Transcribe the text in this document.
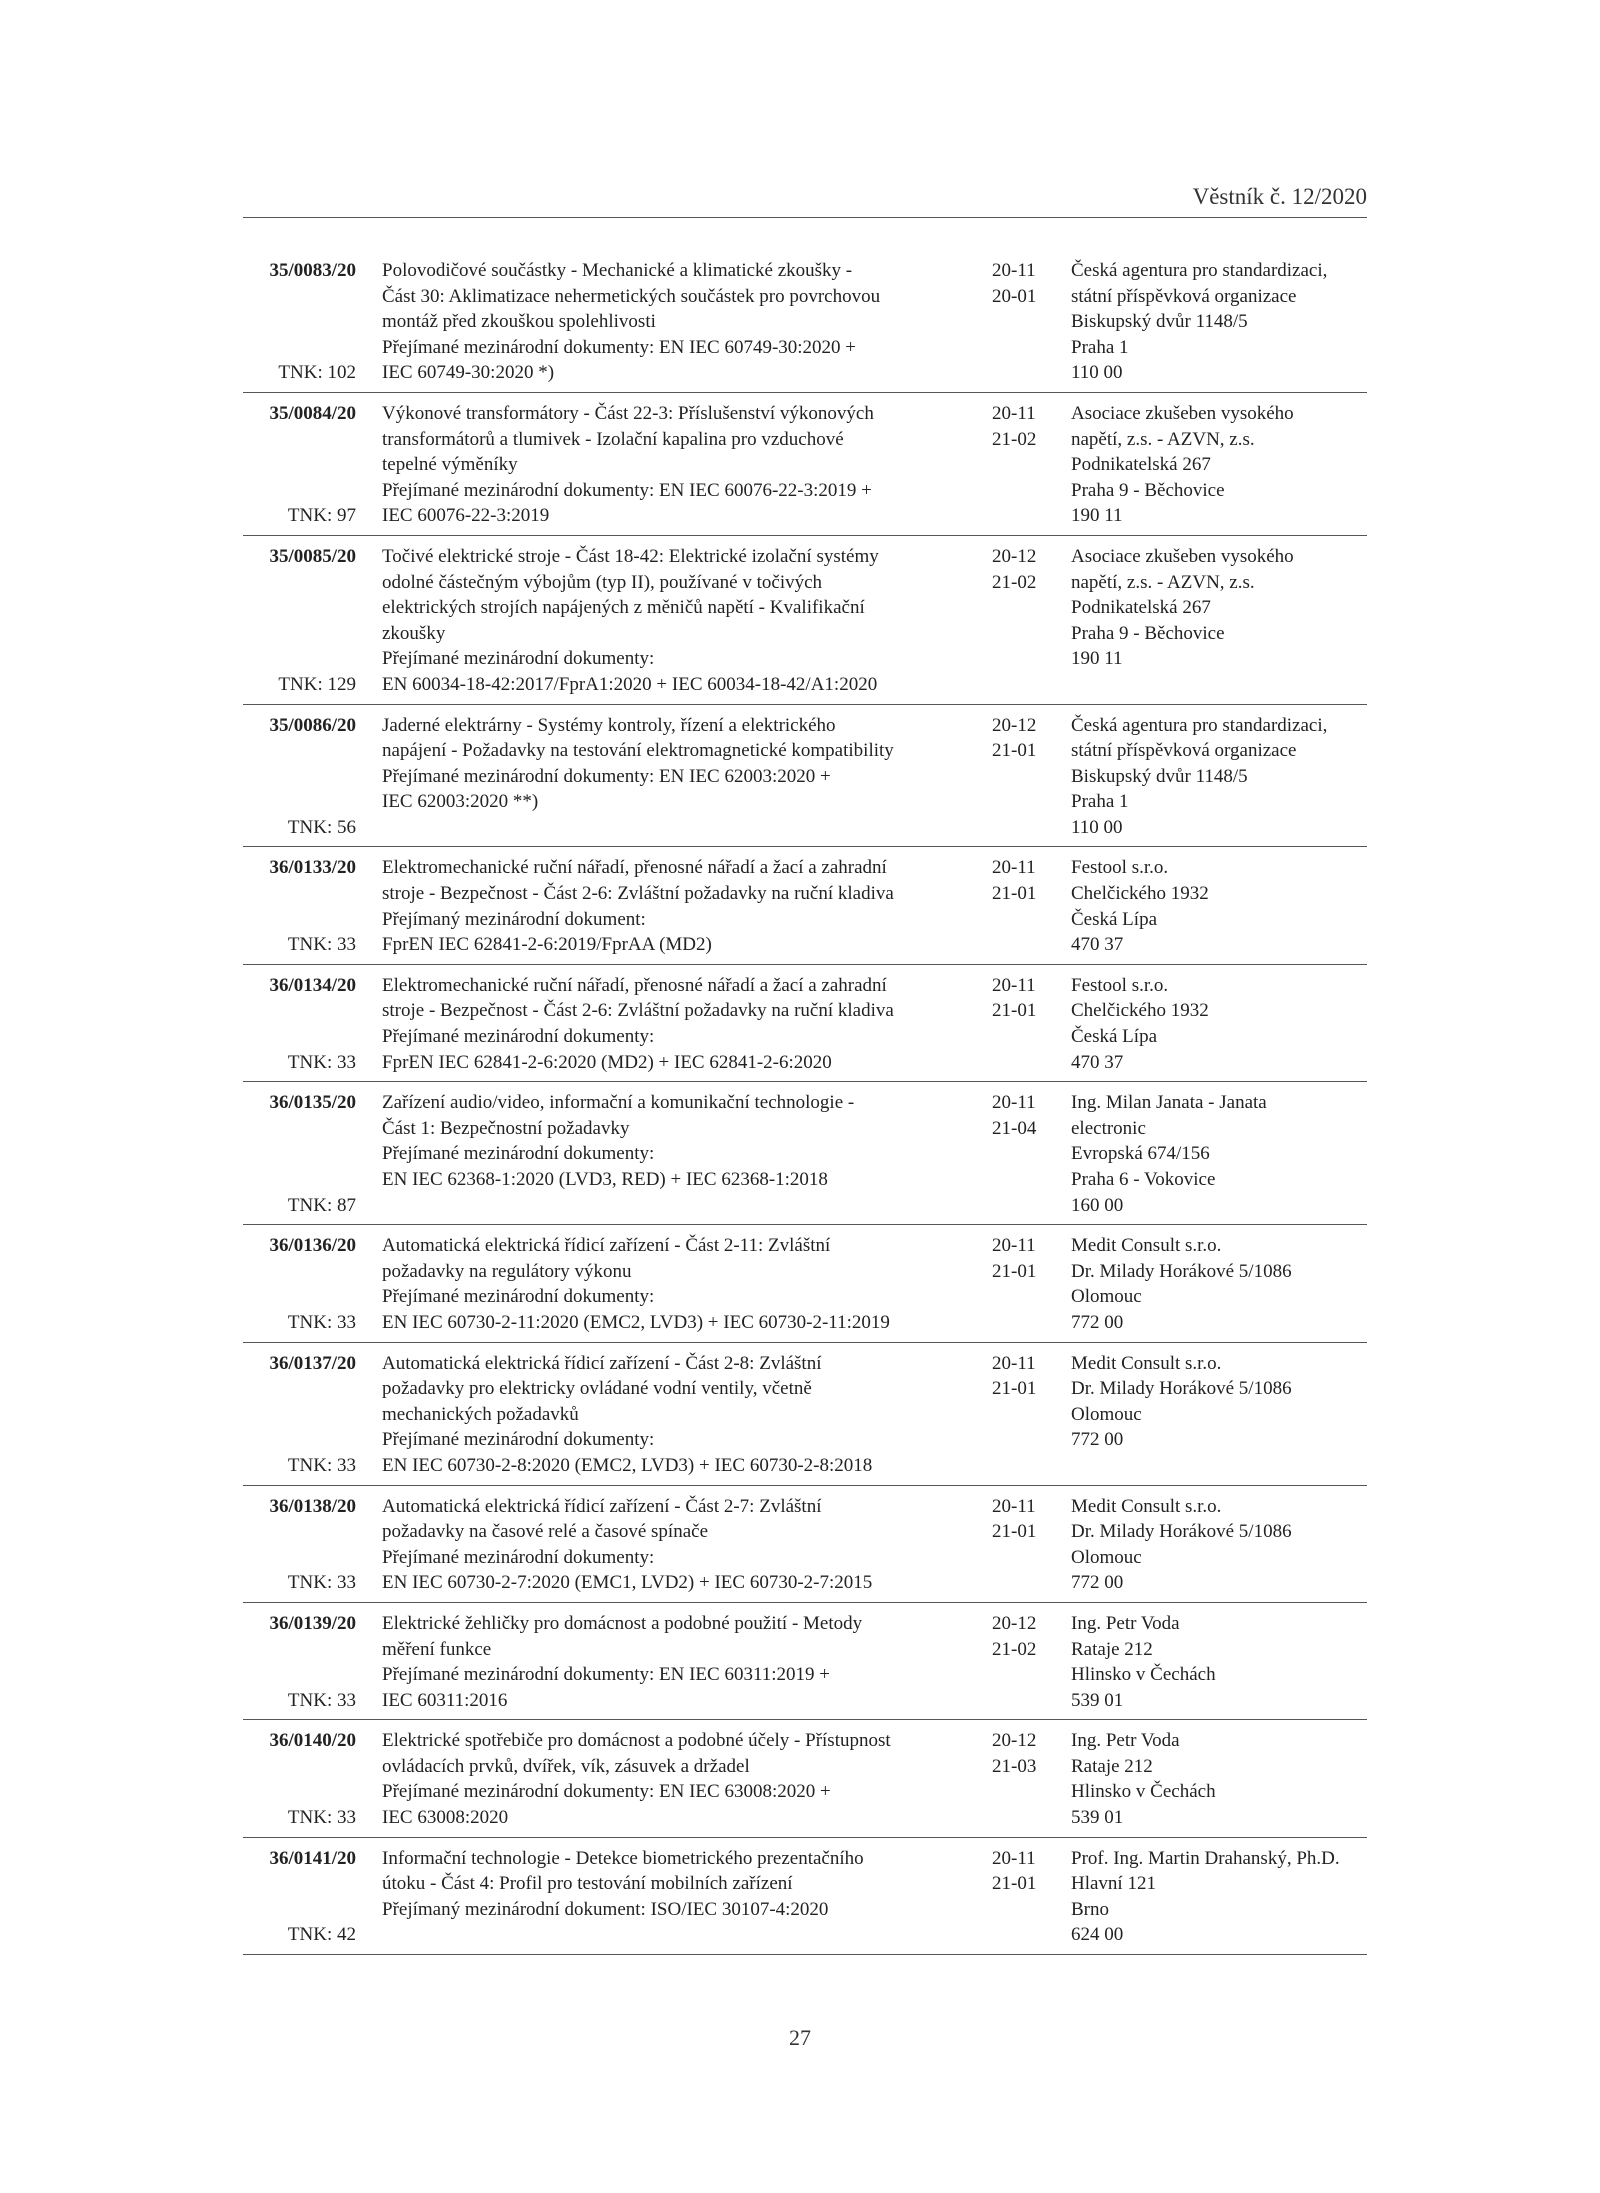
Věstník č. 12/2020
35/0083/20
TNK: 102
Polovodičové součástky - Mechanické a klimatické zkoušky -
Část 30: Aklimatizace nehermetických součástek pro povrchovou
montáž před zkouškou spolehlivosti
Přejímané mezinárodní dokumenty: EN IEC 60749-30:2020 +
IEC 60749-30:2020 *)
20-11
20-01
Česká agentura pro standardizaci,
státní příspěvková organizace
Biskupský dvůr 1148/5
Praha 1
110 00
35/0084/20
TNK: 97
Výkonové transformátory - Část 22-3: Příslušenství výkonových
transformátorů a tlumivek - Izolační kapalina pro vzduchové
tepelné výměníky
Přejímané mezinárodní dokumenty: EN IEC 60076-22-3:2019 +
IEC 60076-22-3:2019
20-11
21-02
Asociace zkušeben vysokého
napětí, z.s. - AZVN, z.s.
Podnikatelská 267
Praha 9 - Běchovice
190 11
35/0085/20
TNK: 129
Točivé elektrické stroje - Část 18-42: Elektrické izolační systémy
odolné částečným výbojům (typ II), používané v točivých
elektrických strojích napájených z měničů napětí - Kvalifikační
zkoušky
Přejímané mezinárodní dokumenty:
EN 60034-18-42:2017/FprA1:2020 + IEC 60034-18-42/A1:2020
20-12
21-02
Asociace zkušeben vysokého
napětí, z.s. - AZVN, z.s.
Podnikatelská 267
Praha 9 - Běchovice
190 11
35/0086/20
TNK: 56
Jaderné elektrárny - Systémy kontroly, řízení a elektrického
napájení - Požadavky na testování elektromagnetické kompatibility
Přejímané mezinárodní dokumenty: EN IEC 62003:2020 +
IEC 62003:2020 **)
20-12
21-01
Česká agentura pro standardizaci,
státní příspěvková organizace
Biskupský dvůr 1148/5
Praha 1
110 00
36/0133/20
TNK: 33
Elektromechanické ruční nářadí, přenosné nářadí a žací a zahradní
stroje - Bezpečnost - Část 2-6: Zvláštní požadavky na ruční kladiva
Přejímaný mezinárodní dokument:
FprEN IEC 62841-2-6:2019/FprAA (MD2)
20-11
21-01
Festool s.r.o.
Chelčického 1932
Česká Lípa
470 37
36/0134/20
TNK: 33
Elektromechanické ruční nářadí, přenosné nářadí a žací a zahradní
stroje - Bezpečnost - Část 2-6: Zvláštní požadavky na ruční kladiva
Přejímané mezinárodní dokumenty:
FprEN IEC 62841-2-6:2020 (MD2) + IEC 62841-2-6:2020
20-11
21-01
Festool s.r.o.
Chelčického 1932
Česká Lípa
470 37
36/0135/20
TNK: 87
Zařízení audio/video, informační a komunikační technologie -
Část 1: Bezpečnostní požadavky
Přejímané mezinárodní dokumenty:
EN IEC 62368-1:2020 (LVD3, RED) + IEC 62368-1:2018
20-11
21-04
Ing. Milan Janata - Janata
electronic
Evropská 674/156
Praha 6 - Vokovice
160 00
36/0136/20
TNK: 33
Automatická elektrická řídicí zařízení - Část 2-11: Zvláštní
požadavky na regulátory výkonu
Přejímané mezinárodní dokumenty:
EN IEC 60730-2-11:2020 (EMC2, LVD3) + IEC 60730-2-11:2019
20-11
21-01
Medit Consult s.r.o.
Dr. Milady Horákové 5/1086
Olomouc
772 00
36/0137/20
TNK: 33
Automatická elektrická řídicí zařízení - Část 2-8: Zvláštní
požadavky pro elektricky ovládané vodní ventily, včetně
mechanických požadavků
Přejímané mezinárodní dokumenty:
EN IEC 60730-2-8:2020 (EMC2, LVD3) + IEC 60730-2-8:2018
20-11
21-01
Medit Consult s.r.o.
Dr. Milady Horákové 5/1086
Olomouc
772 00
36/0138/20
TNK: 33
Automatická elektrická řídicí zařízení - Část 2-7: Zvláštní
požadavky na časové relé a časové spínače
Přejímané mezinárodní dokumenty:
EN IEC 60730-2-7:2020 (EMC1, LVD2) + IEC 60730-2-7:2015
20-11
21-01
Medit Consult s.r.o.
Dr. Milady Horákové 5/1086
Olomouc
772 00
36/0139/20
TNK: 33
Elektrické žehličky pro domácnost a podobné použití - Metody
měření funkce
Přejímané mezinárodní dokumenty: EN IEC 60311:2019 +
IEC 60311:2016
20-12
21-02
Ing. Petr Voda
Rataje 212
Hlinsko v Čechách
539 01
36/0140/20
TNK: 33
Elektrické spotřebiče pro domácnost a podobné účely - Přístupnost
ovládacích prvků, dvířek, vík, zásuvek a držadel
Přejímané mezinárodní dokumenty: EN IEC 63008:2020 +
IEC 63008:2020
20-12
21-03
Ing. Petr Voda
Rataje 212
Hlinsko v Čechách
539 01
36/0141/20
TNK: 42
Informační technologie - Detekce biometrického prezentačního
útoku - Část 4: Profil pro testování mobilních zařízení
Přejímaný mezinárodní dokument: ISO/IEC 30107-4:2020
20-11
21-01
Prof. Ing. Martin Drahanský, Ph.D.
Hlavní 121
Brno
624 00
27
